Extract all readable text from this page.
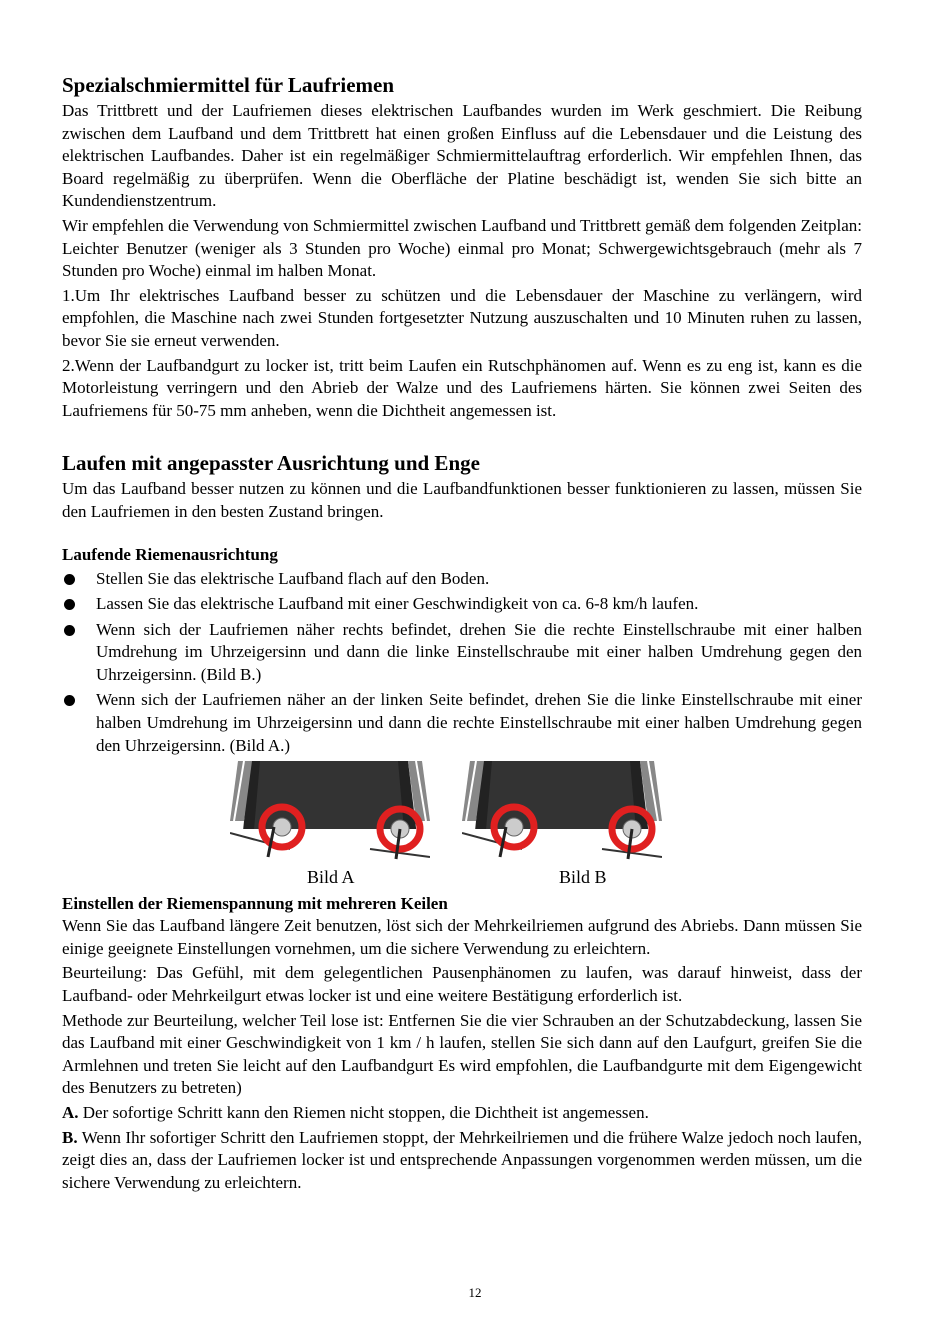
Spezialschmiermittel für Laufriemen

Das Trittbrett und der Laufriemen dieses elektrischen Laufbandes wurden im Werk geschmiert. Die Reibung zwischen dem Laufband und dem Trittbrett hat einen großen Einfluss auf die Lebensdauer und die Leistung des elektrischen Laufbandes. Daher ist ein regelmäßiger Schmiermittelauftrag erforderlich. Wir empfehlen Ihnen, das Board regelmäßig zu überprüfen. Wenn die Oberfläche der Platine beschädigt ist, wenden Sie sich bitte an Kundendienstzentrum.

Wir empfehlen die Verwendung von Schmiermittel zwischen Laufband und Trittbrett gemäß dem folgenden Zeitplan: Leichter Benutzer (weniger als 3 Stunden pro Woche) einmal pro Monat; Schwergewichtsgebrauch (mehr als 7 Stunden pro Woche) einmal im halben Monat.

1.Um Ihr elektrisches Laufband besser zu schützen und die Lebensdauer der Maschine zu verlängern, wird empfohlen, die Maschine nach zwei Stunden fortgesetzter Nutzung auszuschalten und 10 Minuten ruhen zu lassen, bevor Sie sie erneut verwenden.

2.Wenn der Laufbandgurt zu locker ist, tritt beim Laufen ein Rutschphänomen auf. Wenn es zu eng ist, kann es die Motorleistung verringern und den Abrieb der Walze und des Laufriemens härten. Sie können zwei Seiten des Laufriemens für 50-75 mm anheben, wenn die Dichtheit angemessen ist.

Laufen mit angepasster Ausrichtung und Enge

Um das Laufband besser nutzen zu können und die Laufbandfunktionen besser funktionieren zu lassen, müssen Sie den Laufriemen in den besten Zustand bringen.

Laufende Riemenausrichtung
Stellen Sie das elektrische Laufband flach auf den Boden.
Lassen Sie das elektrische Laufband mit einer Geschwindigkeit von ca. 6-8 km/h laufen.
Wenn sich der Laufriemen näher rechts befindet, drehen Sie die rechte Einstellschraube mit einer halben Umdrehung im Uhrzeigersinn und dann die linke Einstellschraube mit einer halben Umdrehung gegen den Uhrzeigersinn. (Bild B.)
Wenn sich der Laufriemen näher an der linken Seite befindet, drehen Sie die linke Einstellschraube mit einer halben Umdrehung im Uhrzeigersinn und dann die rechte Einstellschraube mit einer halben Umdrehung gegen den Uhrzeigersinn. (Bild A.)
Bild A	Bild B
Einstellen der Riemenspannung mit mehreren Keilen

Wenn Sie das Laufband längere Zeit benutzen, löst sich der Mehrkeilriemen aufgrund des Abriebs. Dann müssen Sie einige geeignete Einstellungen vornehmen, um die sichere Verwendung zu erleichtern.

Beurteilung: Das Gefühl, mit dem gelegentlichen Pausenphänomen zu laufen, was darauf hinweist, dass der Laufband- oder Mehrkeilgurt etwas locker ist und eine weitere Bestätigung erforderlich ist.

Methode zur Beurteilung, welcher Teil lose ist: Entfernen Sie die vier Schrauben an der Schutzabdeckung, lassen Sie das Laufband mit einer Geschwindigkeit von 1 km / h laufen, stellen Sie sich dann auf den Laufgurt, greifen Sie die Armlehnen und treten Sie leicht auf den Laufbandgurt Es wird empfohlen, die Laufbandgurte mit dem Eigengewicht des Benutzers zu betreten)

A. Der sofortige Schritt kann den Riemen nicht stoppen, die Dichtheit ist angemessen.

B. Wenn Ihr sofortiger Schritt den Laufriemen stoppt, der Mehrkeilriemen und die frühere Walze jedoch noch laufen, zeigt dies an, dass der Laufriemen locker ist und entsprechende Anpassungen vorgenommen werden müssen, um die sichere Verwendung zu erleichtern.

12
